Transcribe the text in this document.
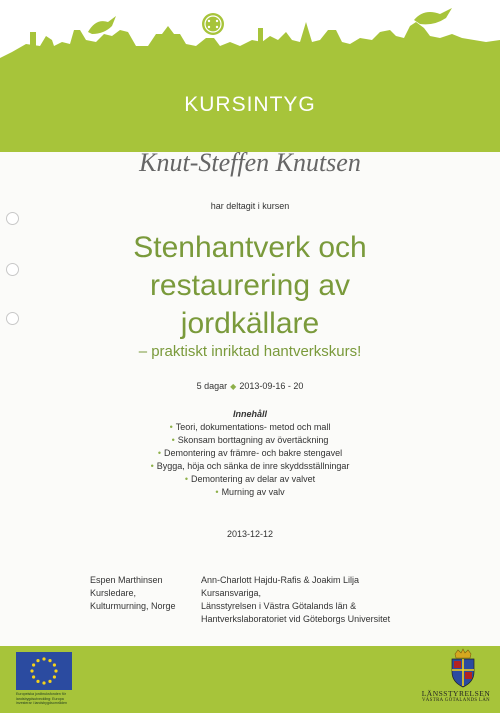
KURSINTYG
Knut-Steffen Knutsen
har deltagit i kursen
Stenhantverk och
restaurering av
jordkällare
– praktiskt inriktad hantverkskurs!
5 dagar ◆ 2013-09-16 - 20
Innehåll
• Teori, dokumentations- metod och mall
• Skonsam borttagning av övertäckning
• Demontering av främre- och bakre stengavel
• Bygga, höja och sänka de inre skyddsställningar
• Demontering av delar av valvet
• Murning av valv
2013-12-12
Espen Marthinsen
Kursledare,
Kulturmurning, Norge
Ann-Charlott Hajdu-Rafis & Joakim Lilja
Kursansvariga,
Länsstyrelsen i Västra Götalands län &
Hantverkslaboratoriet vid Göteborgs Universitet
Europeiska jordbruksfonden för
landsbygdsutveckling: Europa
investerar i landsbygdsområden
LÄNSSTYRELSEN
VÄSTRA GÖTALANDS LÄN
